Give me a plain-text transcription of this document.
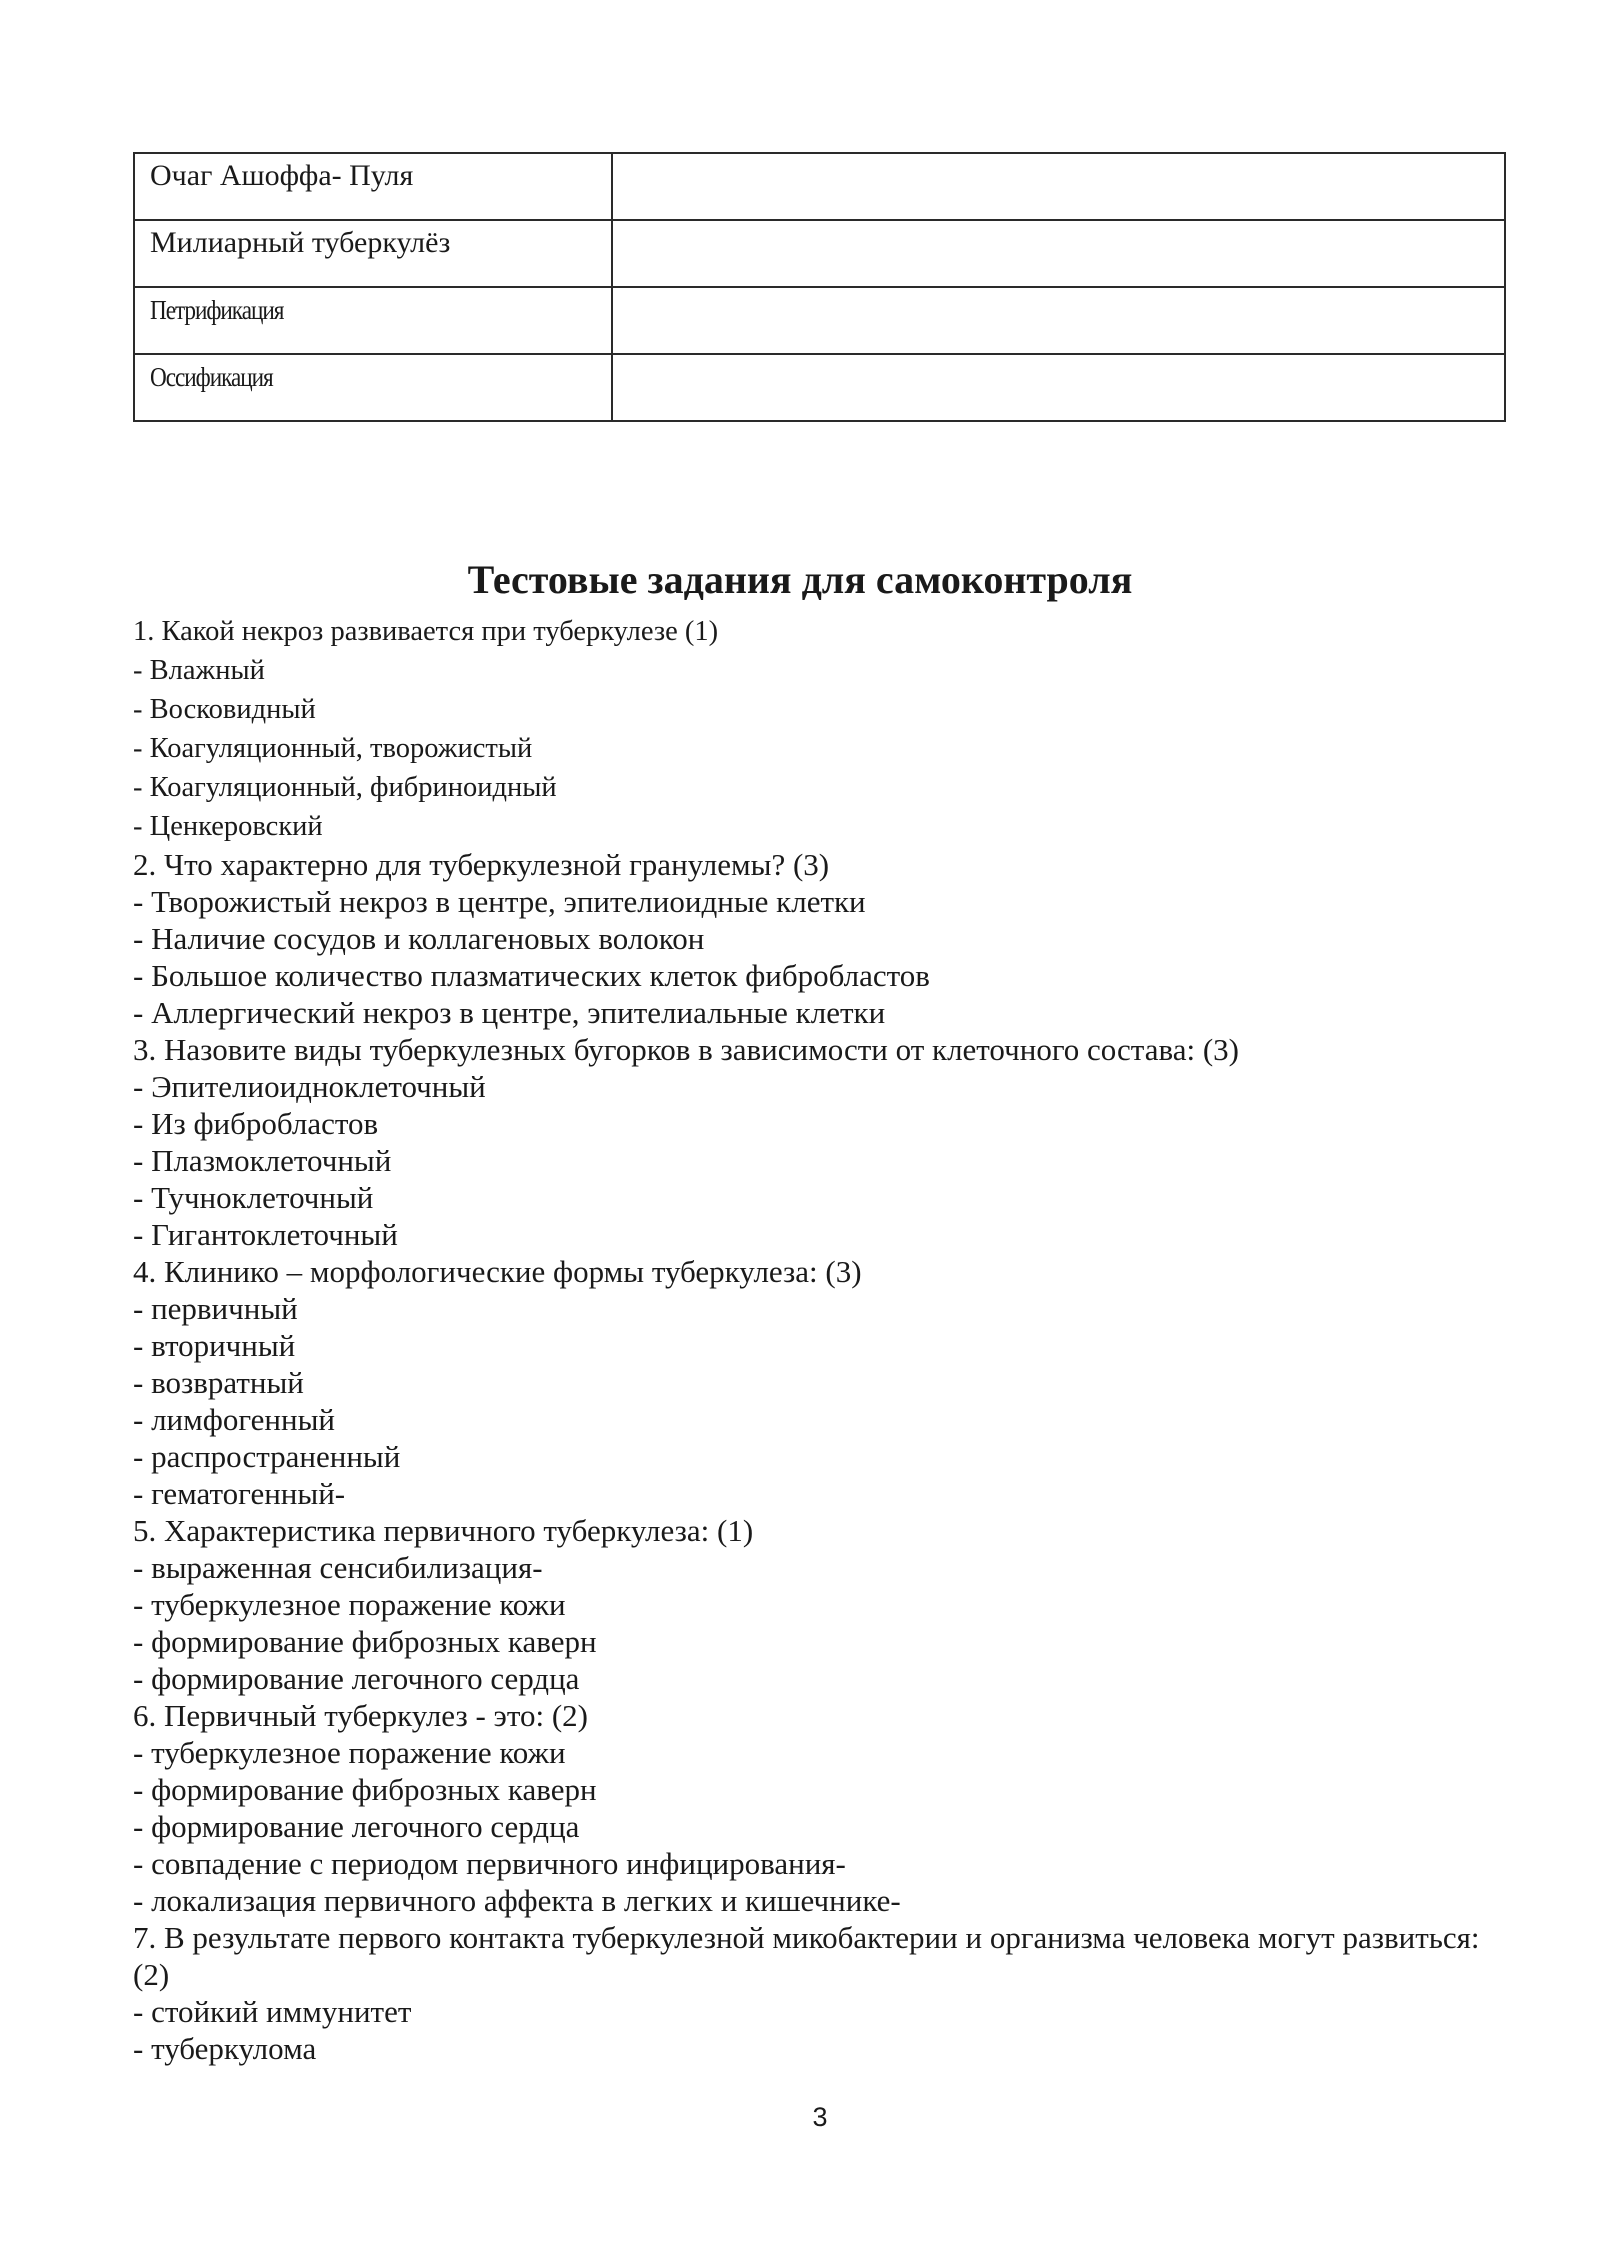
Очаг Ашоффа- Пуля	
Милиарный туберкулёз	
Петрификация	
Оссификация	
Тестовые задания для самоконтроля

1. Какой некроз развивается при туберкулезе (1)

- Влажный

- Восковидный

- Коагуляционный, творожистый

- Коагуляционный, фибриноидный

- Ценкеровский

2. Что характерно для туберкулезной гранулемы? (3)

- Творожистый некроз в центре, эпителиоидные клетки

- Наличие сосудов и коллагеновых волокон

- Большое количество плазматических клеток фибробластов

- Аллергический некроз в центре, эпителиальные клетки

3. Назовите виды туберкулезных бугорков в зависимости от клеточного состава: (3)

- Эпителиоидноклеточный

- Из фибробластов

- Плазмоклеточный

- Тучноклеточный

- Гигантоклеточный

4. Клинико – морфологические формы туберкулеза: (3)

- первичный

- вторичный

- возвратный

- лимфогенный

- распространенный

- гематогенный-

5. Характеристика первичного туберкулеза: (1)

- выраженная сенсибилизация-

- туберкулезное поражение кожи

- формирование фиброзных каверн

- формирование легочного сердца

6. Первичный туберкулез - это: (2)

- туберкулезное поражение кожи

- формирование фиброзных каверн

- формирование легочного сердца

- совпадение с периодом первичного инфицирования-

- локализация первичного аффекта в легких и кишечнике-

7. В результате первого контакта туберкулезной микобактерии и организма человека могут развиться: (2)

- стойкий иммунитет

- туберкулома

3
